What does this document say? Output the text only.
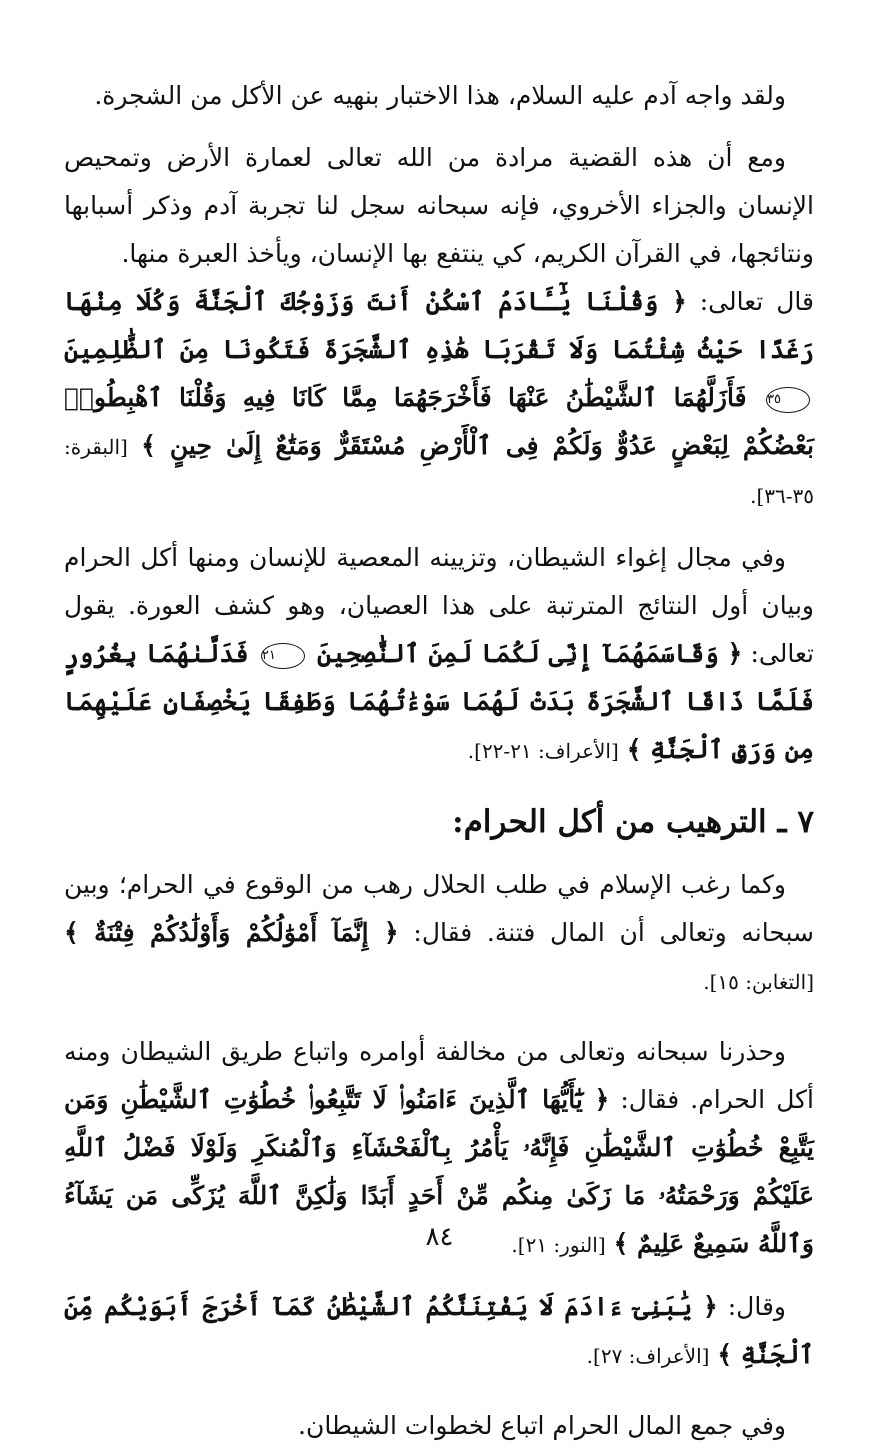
ولقد واجه آدم عليه السلام، هذا الاختبار بنهيه عن الأكل من الشجرة.

ومع أن هذه القضية مرادة من الله تعالى لعمارة الأرض وتمحيص الإنسان والجزاء الأخروي، فإنه سبحانه سجل لنا تجربة آدم وذكر أسبابها ونتائجها، في القرآن الكريم، كي ينتفع بها الإنسان، ويأخذ العبرة منها.
قال تعالى: ﴿ وَقُلْنَا يَٰٓـَٔادَمُ ٱسْكُنْ أَنتَ وَزَوْجُكَ ٱلْجَنَّةَ وَكُلَا مِنْهَا رَغَدًا حَيْثُ شِئْتُمَا وَلَا تَقْرَبَا هَٰذِهِ ٱلشَّجَرَةَ فَتَكُونَا مِنَ ٱلظَّٰلِمِينَ ٣٥ فَأَزَلَّهُمَا ٱلشَّيْطَٰنُ عَنْهَا فَأَخْرَجَهُمَا مِمَّا كَانَا فِيهِ وَقُلْنَا ٱهْبِطُوا۟ بَعْضُكُمْ لِبَعْضٍ عَدُوٌّ وَلَكُمْ فِى ٱلْأَرْضِ مُسْتَقَرٌّ وَمَتَٰعٌ إِلَىٰ حِينٍ ﴾ [البقرة: ٣٥-٣٦].

وفي مجال إغواء الشيطان، وتزيينه المعصية للإنسان ومنها أكل الحرام وبيان أول النتائج المترتبة على هذا العصيان، وهو كشف العورة. يقول تعالى: ﴿ وَقَاسَمَهُمَآ إِنِّى لَكُمَا لَمِنَ ٱلنَّٰصِحِينَ ٢١ فَدَلَّىٰهُمَا بِغُرُورٍ فَلَمَّا ذَاقَا ٱلشَّجَرَةَ بَدَتْ لَهُمَا سَوْءَٰتُهُمَا وَطَفِقَا يَخْصِفَانِ عَلَيْهِمَا مِن وَرَقِ ٱلْجَنَّةِ ﴾ [الأعراف: ٢١-٢٢].

٧ ـ الترهيب من أكل الحرام:

وكما رغب الإسلام في طلب الحلال رهب من الوقوع في الحرام؛ وبين سبحانه وتعالى أن المال فتنة. فقال: ﴿ إِنَّمَآ أَمْوَٰلُكُمْ وَأَوْلَٰدُكُمْ فِتْنَةٌ ﴾ [التغابن: ١٥].

وحذرنا سبحانه وتعالى من مخالفة أوامره واتباع طريق الشيطان ومنه أكل الحرام. فقال: ﴿ يَٰٓأَيُّهَا ٱلَّذِينَ ءَامَنُوا۟ لَا تَتَّبِعُوا۟ خُطُوَٰتِ ٱلشَّيْطَٰنِ وَمَن يَتَّبِعْ خُطُوَٰتِ ٱلشَّيْطَٰنِ فَإِنَّهُۥ يَأْمُرُ بِٱلْفَحْشَآءِ وَٱلْمُنكَرِ وَلَوْلَا فَضْلُ ٱللَّهِ عَلَيْكُمْ وَرَحْمَتُهُۥ مَا زَكَىٰ مِنكُم مِّنْ أَحَدٍ أَبَدًا وَلَٰكِنَّ ٱللَّهَ يُزَكِّى مَن يَشَآءُ وَٱللَّهُ سَمِيعٌ عَلِيمٌ ﴾ [النور: ٢١].

وقال: ﴿ يَٰبَنِىٓ ءَادَمَ لَا يَفْتِنَنَّكُمُ ٱلشَّيْطَٰنُ كَمَآ أَخْرَجَ أَبَوَيْكُم مِّنَ ٱلْجَنَّةِ ﴾ [الأعراف: ٢٧].

وفي جمع المال الحرام اتباع لخطوات الشيطان.

٨٤
